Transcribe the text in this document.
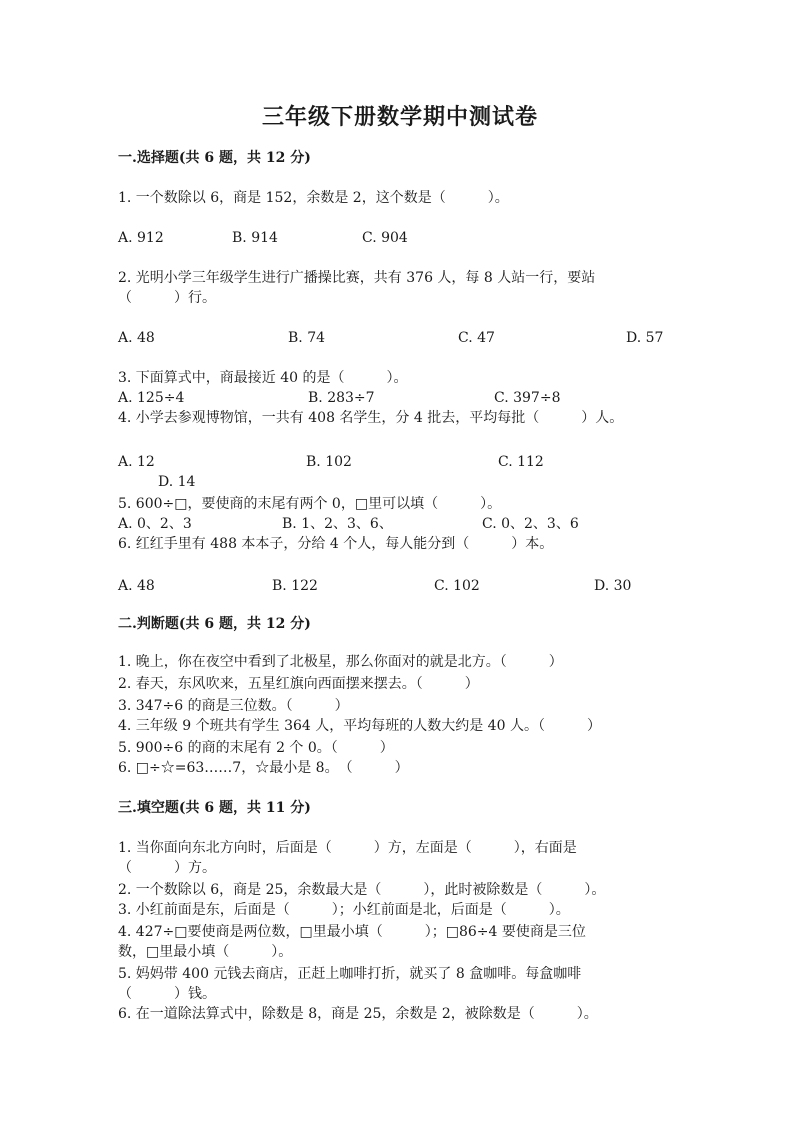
三年级下册数学期中测试卷
一.选择题(共 6 题，共 12 分)
1. 一个数除以 6，商是 152，余数是 2，这个数是（　　　）。
A. 912	B. 914	C. 904
2. 光明小学三年级学生进行广播操比赛，共有 376 人，每 8 人站一行，要站
（　　　）行。
A. 48	B. 74	C. 47	D. 57
3. 下面算式中，商最接近 40 的是（　　　）。
A. 125÷4	B. 283÷7	C. 397÷8
4. 小学去参观博物馆，一共有 408 名学生，分 4 批去，平均每批（　　　）人。
A. 12	B. 102	C. 112
D. 14
5. 600÷□，要使商的末尾有两个 0，□里可以填（　　　）。
A. 0、2、3	B. 1、2、3、6、	C. 0、2、3、6
6. 红红手里有 488 本本子，分给 4 个人，每人能分到（　　　）本。
A. 48	B. 122	C. 102	D. 30
二.判断题(共 6 题，共 12 分)
1. 晚上，你在夜空中看到了北极星，那么你面对的就是北方。（　　　）
2. 春天，东风吹来，五星红旗向西面摆来摆去。（　　　）
3. 347÷6 的商是三位数。（　　　）
4. 三年级 9 个班共有学生 364 人，平均每班的人数大约是 40 人。（　　　）
5. 900÷6 的商的末尾有 2 个 0。（　　　）
6. □÷☆=63……7，☆最小是 8。　（　　　）
三.填空题(共 6 题，共 11 分)
1. 当你面向东北方向时，后面是（　　　）方，左面是（　　　），右面是
（　　　）方。
2. 一个数除以 6，商是 25，余数最大是（　　　），此时被除数是（　　　）。
3. 小红前面是东，后面是（　　　）；小红前面是北，后面是（　　　）。
4. 427÷□要使商是两位数，□里最小填（　　　）；□86÷4 要使商是三位
数，□里最小填（　　　）。
5. 妈妈带 400 元钱去商店，正赶上咖啡打折，就买了 8 盒咖啡。每盒咖啡
（　　　）钱。
6. 在一道除法算式中，除数是 8，商是 25，余数是 2，被除数是（　　　）。
